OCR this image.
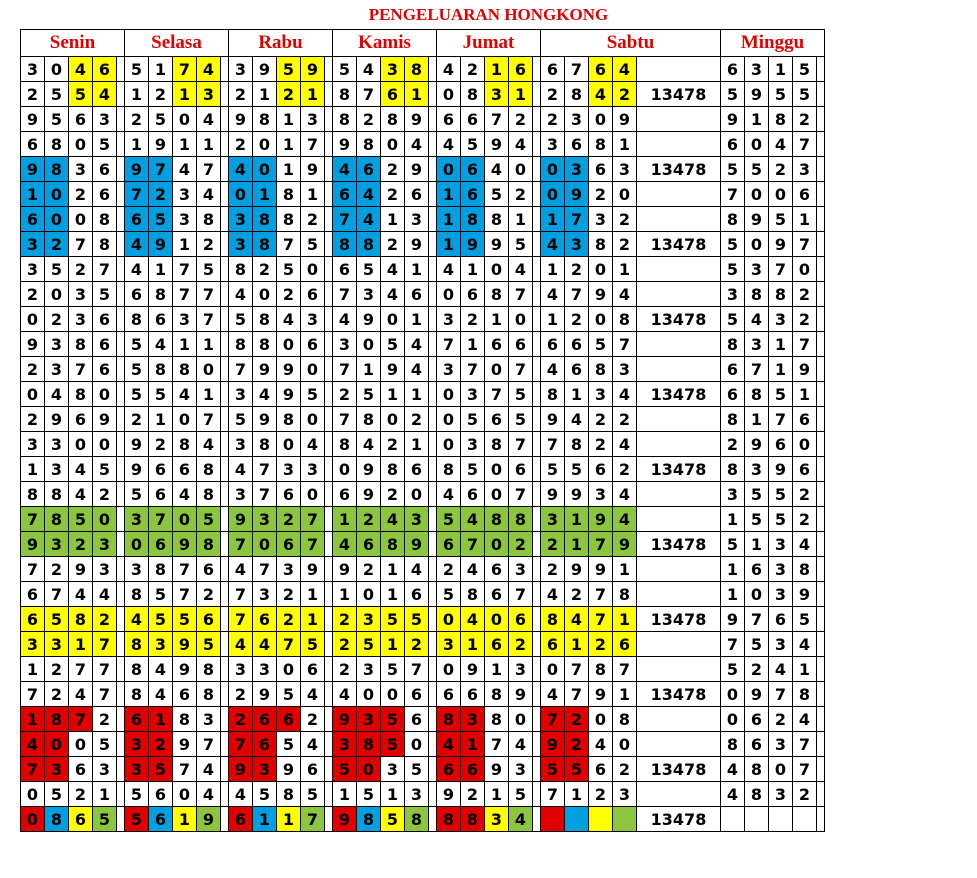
PENGELUARAN HONGKONG
Senin					Selasa					Rabu					Kamis					Jumat					Sabtu					Minggu				
3	0	4	6		5	1	7	4		3	9	5	9		5	4	3	8		4	2	1	6		6	7	6	4		6	3	1	5	
2	5	5	4		1	2	1	3		2	1	2	1		8	7	6	1		0	8	3	1		2	8	4	2	13478	5	9	5	5	
9	5	6	3		2	5	0	4		9	8	1	3		8	2	8	9		6	6	7	2		2	3	0	9		9	1	8	2	
6	8	0	5		1	9	1	1		2	0	1	7		9	8	0	4		4	5	9	4		3	6	8	1		6	0	4	7	
9	8	3	6		9	7	4	7		4	0	1	9		4	6	2	9		0	6	4	0		0	3	6	3	13478	5	5	2	3	
1	0	2	6		7	2	3	4		0	1	8	1		6	4	2	6		1	6	5	2		0	9	2	0		7	0	0	6	
6	0	0	8		6	5	3	8		3	8	8	2		7	4	1	3		1	8	8	1		1	7	3	2		8	9	5	1	
3	2	7	8		4	9	1	2		3	8	7	5		8	8	2	9		1	9	9	5		4	3	8	2	13478	5	0	9	7	
3	5	2	7		4	1	7	5		8	2	5	0		6	5	4	1		4	1	0	4		1	2	0	1		5	3	7	0	
2	0	3	5		6	8	7	7		4	0	2	6		7	3	4	6		0	6	8	7		4	7	9	4		3	8	8	2	
0	2	3	6		8	6	3	7		5	8	4	3		4	9	0	1		3	2	1	0		1	2	0	8	13478	5	4	3	2	
9	3	8	6		5	4	1	1		8	8	0	6		3	0	5	4		7	1	6	6		6	6	5	7		8	3	1	7	
2	3	7	6		5	8	8	0		7	9	9	0		7	1	9	4		3	7	0	7		4	6	8	3		6	7	1	9	
0	4	8	0		5	5	4	1		3	4	9	5		2	5	1	1		0	3	7	5		8	1	3	4	13478	6	8	5	1	
2	9	6	9		2	1	0	7		5	9	8	0		7	8	0	2		0	5	6	5		9	4	2	2		8	1	7	6	
3	3	0	0		9	2	8	4		3	8	0	4		8	4	2	1		0	3	8	7		7	8	2	4		2	9	6	0	
1	3	4	5		9	6	6	8		4	7	3	3		0	9	8	6		8	5	0	6		5	5	6	2	13478	8	3	9	6	
8	8	4	2		5	6	4	8		3	7	6	0		6	9	2	0		4	6	0	7		9	9	3	4		3	5	5	2	
7	8	5	0		3	7	0	5		9	3	2	7		1	2	4	3		5	4	8	8		3	1	9	4		1	5	5	2	
9	3	2	3		0	6	9	8		7	0	6	7		4	6	8	9		6	7	0	2		2	1	7	9	13478	5	1	3	4	
7	2	9	3		3	8	7	6		4	7	3	9		9	2	1	4		2	4	6	3		2	9	9	1		1	6	3	8	
6	7	4	4		8	5	7	2		7	3	2	1		1	0	1	6		5	8	6	7		4	2	7	8		1	0	3	9	
6	5	8	2		4	5	5	6		7	6	2	1		2	3	5	5		0	4	0	6		8	4	7	1	13478	9	7	6	5	
3	3	1	7		8	3	9	5		4	4	7	5		2	5	1	2		3	1	6	2		6	1	2	6		7	5	3	4	
1	2	7	7		8	4	9	8		3	3	0	6		2	3	5	7		0	9	1	3		0	7	8	7		5	2	4	1	
7	2	4	7		8	4	6	8		2	9	5	4		4	0	0	6		6	6	8	9		4	7	9	1	13478	0	9	7	8	
1	8	7	2		6	1	8	3		2	6	6	2		9	3	5	6		8	3	8	0		7	2	0	8		0	6	2	4	
4	0	0	5		3	2	9	7		7	6	5	4		3	8	5	0		4	1	7	4		9	2	4	0		8	6	3	7	
7	3	6	3		3	5	7	4		9	3	9	6		5	0	3	5		6	6	9	3		5	5	6	2	13478	4	8	0	7	
0	5	2	1		5	6	0	4		4	5	8	5		1	5	1	3		9	2	1	5		7	1	2	3		4	8	3	2	
0	8	6	5		5	6	1	9		6	1	1	7		9	8	5	8		8	8	3	4						13478					
